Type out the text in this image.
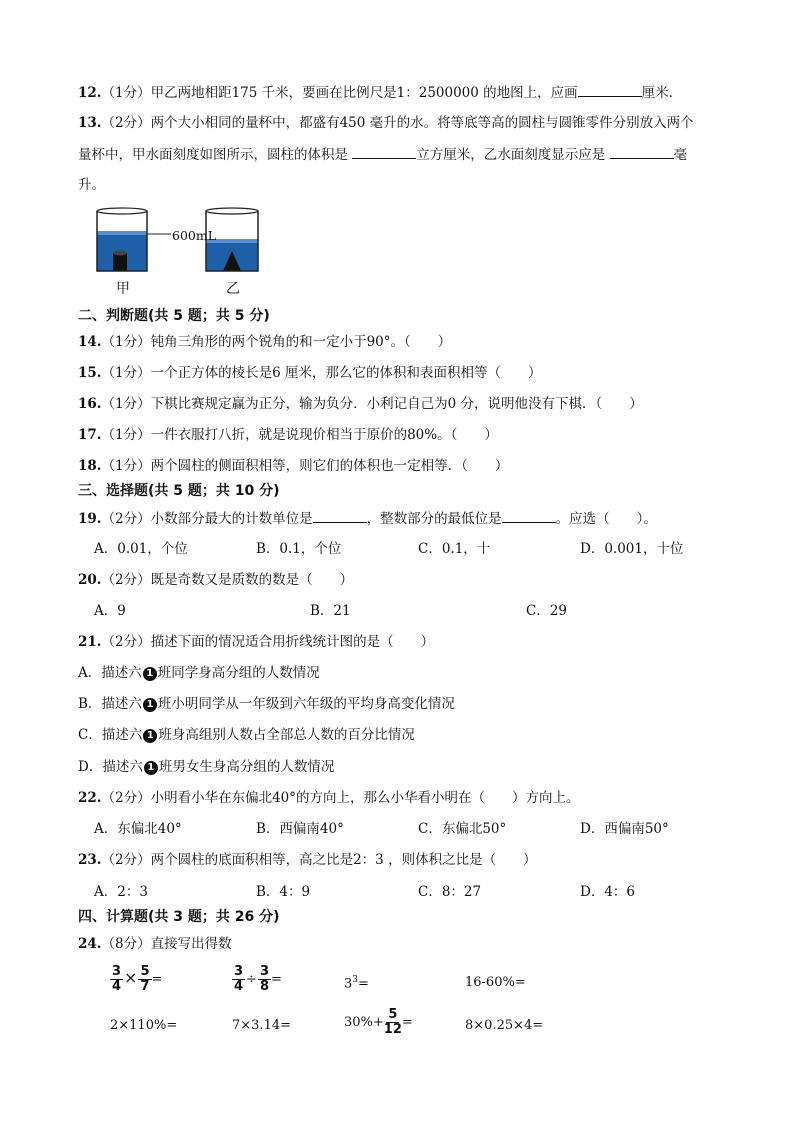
12.（1分）甲乙两地相距175 千米，要画在比例尺是1：2500000 的地图上，应画	厘米．
13.（2分）两个大小相同的量杯中，都盛有450 毫升的水。将等底等高的圆柱与圆锥零件分别放入两个
量杯中，甲水面刻度如图所示，圆柱的体积是	立方厘米，乙水面刻度显示应是	毫
升。
600mL
甲	乙
二、判断题(共 5 题；共 5 分)
14.（1分）钝角三角形的两个锐角的和一定小于90°。（　　）
15.（1分）一个正方体的棱长是6 厘米，那么它的体积和表面积相等（　　）
16.（1分）下棋比赛规定赢为正分，输为负分．小利记自己为0 分，说明他没有下棋．（　　）
17.（1分）一件衣服打八折，就是说现价相当于原价的80%。（　　）
18.（1分）两个圆柱的侧面积相等，则它们的体积也一定相等．（　　）
三、选择题(共 5 题；共 10 分)
19.（2分）小数部分最大的计数单位是	，整数部分的最低位是	。应选（　　）。
A．0.01，个位	B．0.1，个位	C．0.1，十	D．0.001，十位
20.（2分）既是奇数又是质数的数是（　　）
A．9	B．21	C．29
21.（2分）描述下面的情况适合用折线统计图的是（　　）
A．描述六 1 班同学身高分组的人数情况
B．描述六 1 班小明同学从一年级到六年级的平均身高变化情况
C．描述六 1 班身高组别人数占全部总人数的百分比情况
D．描述六 1 班男女生身高分组的人数情况
22.（2分）小明看小华在东偏北40°的方向上，那么小华看小明在（　　）方向上。
A．东偏北40°	B．西偏南40°	C．东偏北50°	D．西偏南50°
23.（2分）两个圆柱的底面积相等，高之比是2：3 ，则体积之比是（　　）
A．2：3	B．4：9	C．8：27	D．4：6
四、计算题(共 3 题；共 26 分)
24.（8分）直接写出得数
$\frac{3}{4} \times \frac{5}{7}$ =	$\frac{3}{4} \div \frac{3}{8}$ =	$3^3=$	16-60%=
2×110%=	7×3.14=	$30\%+ \frac{5}{12}$ =	8×0.25×4=
